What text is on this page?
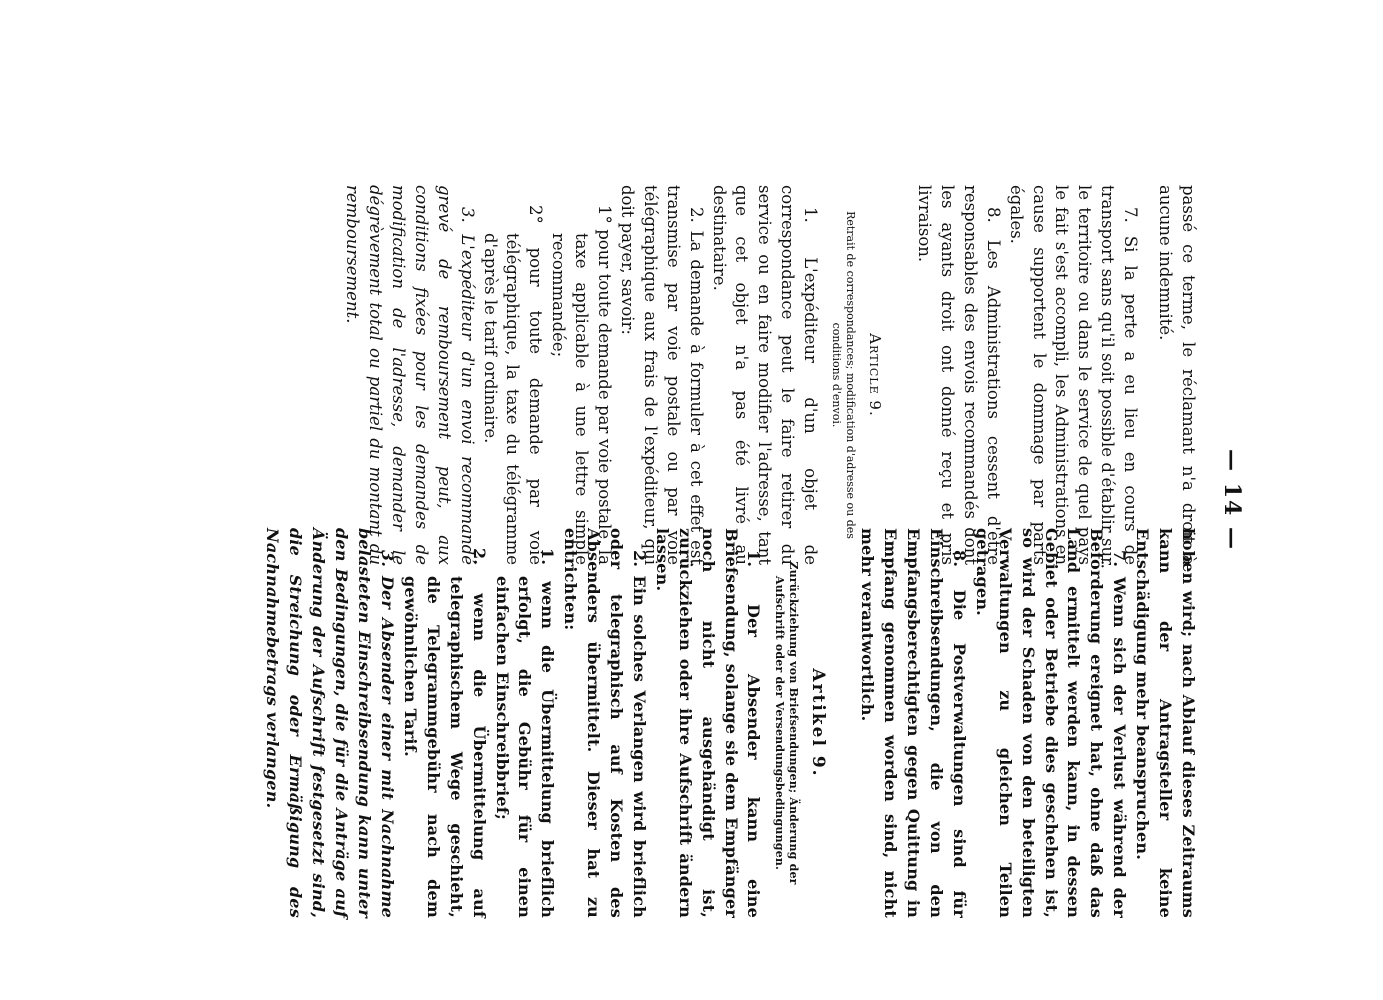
— 14 —

passé ce terme, le réclamant n'a droit à aucune indemnité.

7. Si la perte a eu lieu en cours de transport sans qu'il soit possible d'établir sur le territoire ou dans le service de quel pays le fait s'est accompli, les Administrations en cause supportent le dommage par parts égales.

8. Les Administrations cessent d'être responsables des envois recommandés dont les ayants droit ont donné reçu et pris livraison.

Article 9.
Retrait de correspondances; modification d'adresse ou des conditions d'envoi.

1. L'expéditeur d'un objet de correspondance peut le faire retirer du service ou en faire modifier l'adresse, tant que cet objet n'a pas été livré au destinataire.

2. La demande à formuler à cet effet est transmise par voie postale ou par voie télégraphique aux frais de l'expéditeur, qui doit payer, savoir:

1° pour toute demande par voie postale, la taxe applicable à une lettre simple recommandée;

2° pour toute demande par voie télégraphique, la taxe du télégramme d'après le tarif ordinaire.

3. L'expéditeur d'un envoi recommandé grevé de remboursement peut, aux conditions fixées pour les demandes de modification de l'adresse, demander le dégrèvement total ou partiel du montant du remboursement.

hoben wird; nach Ablauf dieses Zeitraums kann der Antragsteller keine Entschädigung mehr beanspruchen.

7. Wenn sich der Verlust während der Beförderung ereignet hat, ohne daß das Land ermittelt werden kann, in dessen Gebiet oder Betriebe dies geschehen ist, so wird der Schaden von den beteiligten Verwaltungen zu gleichen Teilen getragen.

8. Die Postverwaltungen sind für Einschreibsendungen, die von den Empfangsberechtigten gegen Quittung in Empfang genommen worden sind, nicht mehr verantwortlich.

Artikel 9.
Zurückziehung von Briefsendungen; Änderung der Aufschrift oder der Versendungsbedingungen.

1. Der Absender kann eine Briefsendung, solange sie dem Empfänger noch nicht ausgehändigt ist, zurückziehen oder ihre Aufschrift ändern lassen.

2. Ein solches Verlangen wird brieflich oder telegraphisch auf Kosten des Absenders übermittelt. Dieser hat zu entrichten:

1. wenn die Übermittelung brieflich erfolgt, die Gebühr für einen einfachen Einschreibbrief;

2. wenn die Übermittelung auf telegraphischem Wege geschieht, die Telegrammgebühr nach dem gewöhnlichen Tarif.

3. Der Absender einer mit Nachnahme belasteten Einschreibsendung kann unter den Bedingungen, die für die Anträge auf Änderung der Aufschrift festgesetzt sind, die Streichung oder Ermäßigung des Nachnahmebetrags verlangen.
